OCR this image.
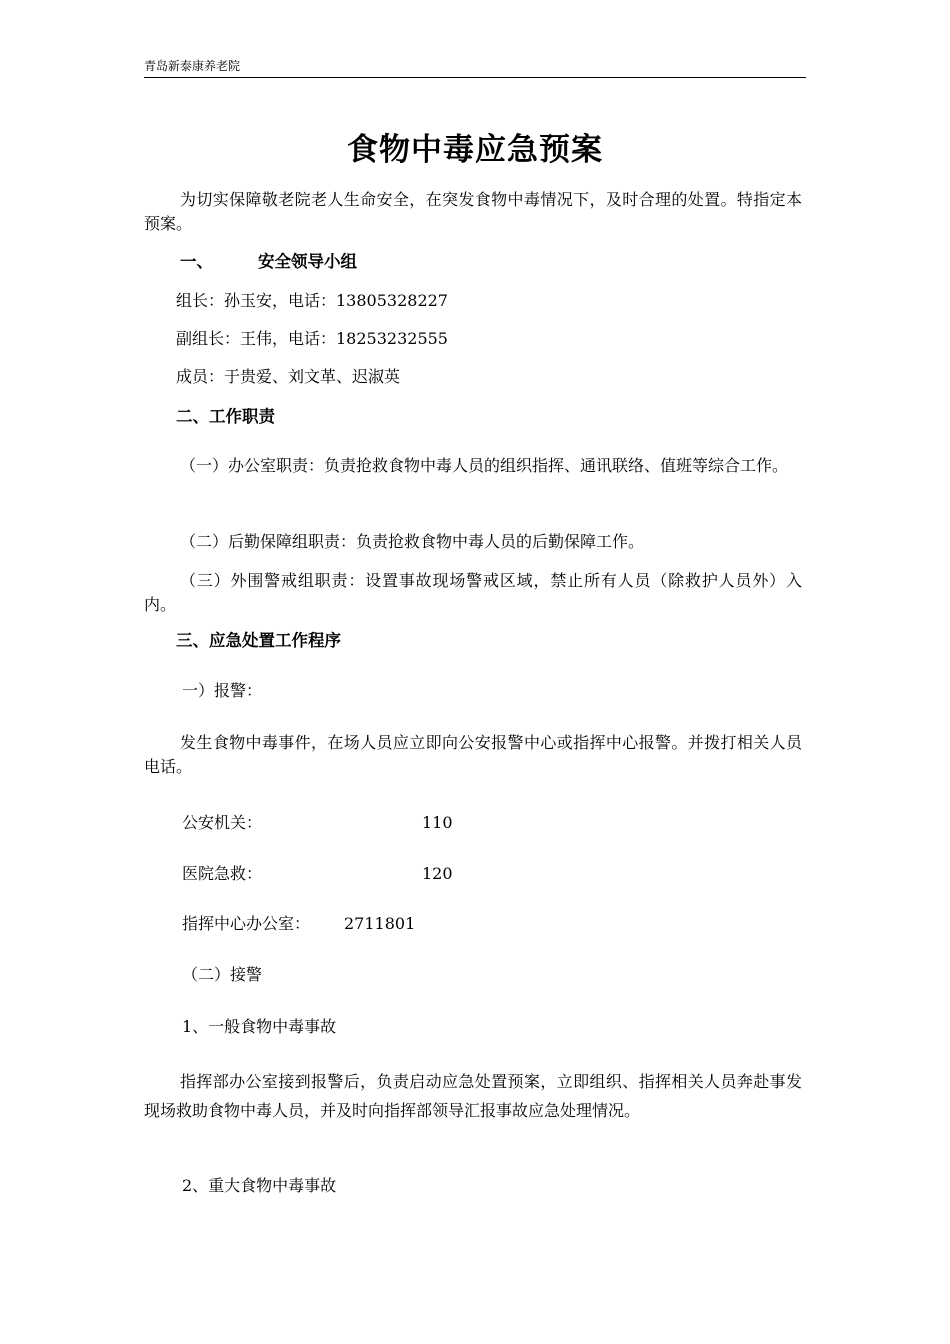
青岛新泰康养老院
食物中毒应急预案

为切实保障敬老院老人生命安全，在突发食物中毒情况下，及时合理的处置。特指定本预案。

一、	安全领导小组
组长：孙玉安，电话：13805328227
副组长：王伟，电话：18253232555
成员：于贵爱、刘文革、迟淑英
二、工作职责

（一）办公室职责：负责抢救食物中毒人员的组织指挥、通讯联络、值班等综合工作。

（二）后勤保障组职责：负责抢救食物中毒人员的后勤保障工作。

（三）外围警戒组职责：设置事故现场警戒区域，禁止所有人员（除救护人员外）入内。

三、应急处置工作程序
一）报警：

发生食物中毒事件，在场人员应立即向公安报警中心或指挥中心报警。并拨打相关人员电话。

公安机关：	110
医院急救：	120
指挥中心办公室： 2711801
（二）接警
1、一般食物中毒事故

指挥部办公室接到报警后，负责启动应急处置预案，立即组织、指挥相关人员奔赴事发现场救助食物中毒人员，并及时向指挥部领导汇报事故应急处理情况。

2、重大食物中毒事故
